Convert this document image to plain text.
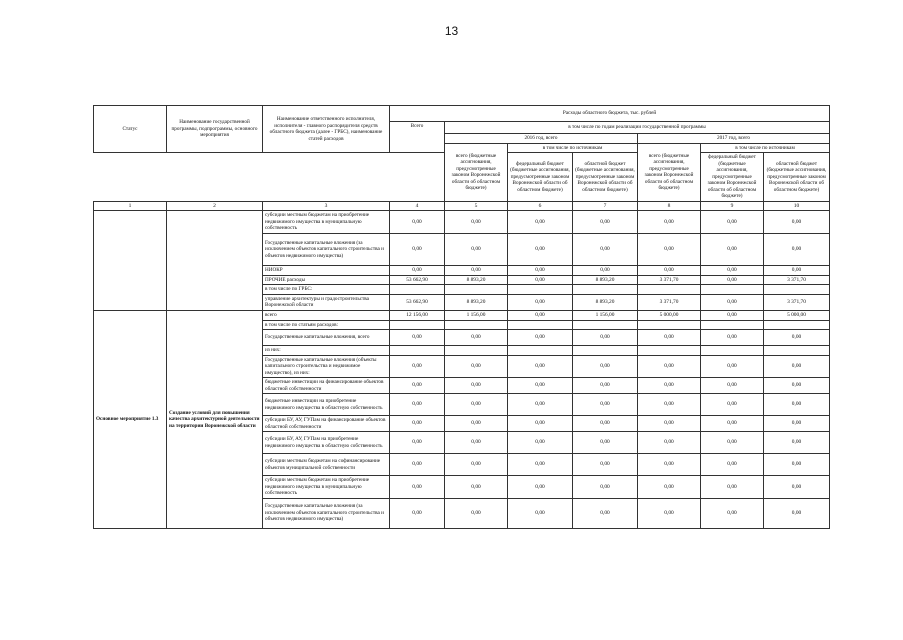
13
Статус	Наименование государственной программы, подпрограммы, основного мероприятия	Наименование ответственного исполнителя, исполнителя - главного распорядителя средств областного бюджета (далее - ГРБС), наименование статей расходов	Расходы областного бюджета, тыс. рублей						
			Всего	в том числе по годам реализации государственной программы					
				2016 год, всего			2017 год, всего		
				всего (бюджетные ассигнования, предусмотренные законом Воронежской области об областном бюджете)	в том числе по источникам		всего (бюджетные ассигнования, предусмотренные законом Воронежской области об областном бюджете)	в том числе по источникам	
					федеральный бюджет (бюджетные ассигнования, предусмотренные законом Воронежской области об областном бюджете)	областной бюджет (бюджетные ассигнования, предусмотренные законом Воронежской области об областном бюджете)		федеральный бюджет (бюджетные ассигнования, предусмотренные законом Воронежской области об областном бюджете)	областной бюджет (бюджетные ассигнования, предусмотренные законом Воронежской области об областном бюджете)
1	2	3	4	5	6	7	8	9	10
		субсидии местным бюджетам на приобретение недвижимого имущества в муниципальную собственность	0,00	0,00	0,00	0,00	0,00	0,00	0,00
		Государственные капитальные вложения (за исключением объектов капитального строительства и объектов недвижимого имущества)	0,00	0,00	0,00	0,00	0,00	0,00	0,00
		НИОКР	0,00	0,00	0,00	0,00	0,00	0,00	0,00
		ПРОЧИЕ расходы	53 662,90	8 893,20	0,00	8 893,20	3 371,70	0,00	3 371,70
		в том числе по ГРБС:							
		управление архитектуры и градостроительства Воронежской области	53 662,90	8 893,20	0,00	8 893,20	3 371,70	0,00	3 371,70
Основное мероприятие 1.3	Создание условий для повышения качества архитектурной деятельности на территории Воронежской области	всего	12 156,00	1 156,00	0,00	1 156,00	5 000,00	0,00	5 000,00
		в том числе по статьям расходов:							
		Государственные капитальные вложения, всего	0,00	0,00	0,00	0,00	0,00	0,00	0,00
		из них:							
		Государственные капитальные вложения (объекты капитального строительства и недвижимое имущество), из них:	0,00	0,00	0,00	0,00	0,00	0,00	0,00
		бюджетные инвестиции на финансирование объектов областной собственности	0,00	0,00	0,00	0,00	0,00	0,00	0,00
		бюджетные инвестиции на приобретение недвижимого имущества в областную собственность	0,00	0,00	0,00	0,00	0,00	0,00	0,00
		субсидии БУ, АУ, ГУПам на финансирование объектов областной собственности	0,00	0,00	0,00	0,00	0,00	0,00	0,00
		субсидии БУ, АУ, ГУПам на приобретение недвижимого имущества в областную собственность	0,00	0,00	0,00	0,00	0,00	0,00	0,00
		субсидии местным бюджетам на софинансирование объектов муниципальной собственности	0,00	0,00	0,00	0,00	0,00	0,00	0,00
		субсидии местным бюджетам на приобретение недвижимого имущества в муниципальную собственность	0,00	0,00	0,00	0,00	0,00	0,00	0,00
		Государственные капитальные вложения (за исключением объектов капитального строительства и объектов недвижимого имущества)	0,00	0,00	0,00	0,00	0,00	0,00	0,00
